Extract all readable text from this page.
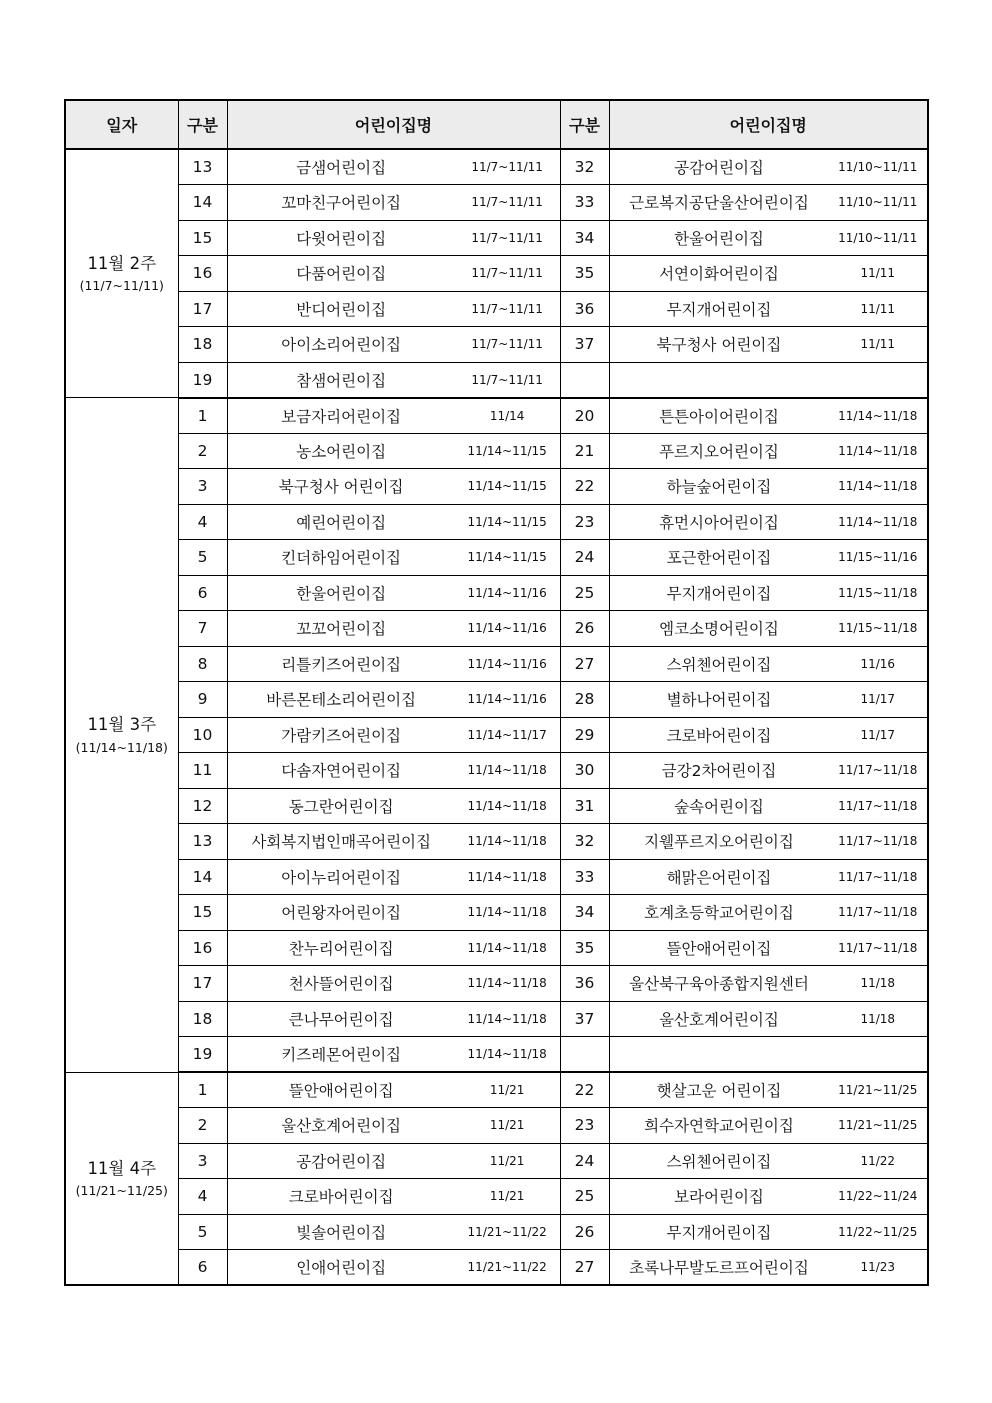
일자	구분	어린이집명	구분	어린이집명

11월 2주
(11/7~11/11)	13	금샘어린이집 11/7~11/11	32	공감어린이집 11/10~11/11

	14	꼬마친구어린이집 11/7~11/11	33	근로복지공단울산어린이집 11/10~11/11

	15	다윗어린이집 11/7~11/11	34	한울어린이집 11/10~11/11

	16	다품어린이집 11/7~11/11	35	서연이화어린이집 11/11

	17	반디어린이집 11/7~11/11	36	무지개어린이집 11/11

	18	아이소리어린이집 11/7~11/11	37	북구청사 어린이집 11/11

	19	참샘어린이집 11/7~11/11		

11월 3주
(11/14~11/18)	1	보금자리어린이집 11/14	20	튼튼아이어린이집 11/14~11/18

	2	농소어린이집 11/14~11/15	21	푸르지오어린이집 11/14~11/18

	3	북구청사 어린이집 11/14~11/15	22	하늘숲어린이집 11/14~11/18

	4	예린어린이집 11/14~11/15	23	휴먼시아어린이집 11/14~11/18

	5	킨더하임어린이집 11/14~11/15	24	포근한어린이집 11/15~11/16

	6	한울어린이집 11/14~11/16	25	무지개어린이집 11/15~11/18

	7	꼬꼬어린이집 11/14~11/16	26	엠코소명어린이집 11/15~11/18

	8	리틀키즈어린이집 11/14~11/16	27	스위첸어린이집 11/16

	9	바른몬테소리어린이집 11/14~11/16	28	별하나어린이집 11/17

	10	가람키즈어린이집 11/14~11/17	29	크로바어린이집 11/17

	11	다솜자연어린이집 11/14~11/18	30	금강2차어린이집 11/17~11/18

	12	동그란어린이집 11/14~11/18	31	숲속어린이집 11/17~11/18

	13	사회복지법인매곡어린이집 11/14~11/18	32	지웰푸르지오어린이집 11/17~11/18

	14	아이누리어린이집 11/14~11/18	33	해맑은어린이집 11/17~11/18

	15	어린왕자어린이집 11/14~11/18	34	호계초등학교어린이집 11/17~11/18

	16	찬누리어린이집 11/14~11/18	35	뜰안애어린이집 11/17~11/18

	17	천사뜰어린이집 11/14~11/18	36	울산북구육아종합지원센터 11/18

	18	큰나무어린이집 11/14~11/18	37	울산호계어린이집 11/18

	19	키즈레몬어린이집 11/14~11/18		

11월 4주
(11/21~11/25)	1	뜰안애어린이집 11/21	22	햇살고운 어린이집 11/21~11/25

	2	울산호계어린이집 11/21	23	희수자연학교어린이집 11/21~11/25

	3	공감어린이집 11/21	24	스위첸어린이집 11/22

	4	크로바어린이집 11/21	25	보라어린이집 11/22~11/24

	5	빛솔어린이집 11/21~11/22	26	무지개어린이집 11/22~11/25

	6	인애어린이집 11/21~11/22	27	초록나무발도르프어린이집 11/23
